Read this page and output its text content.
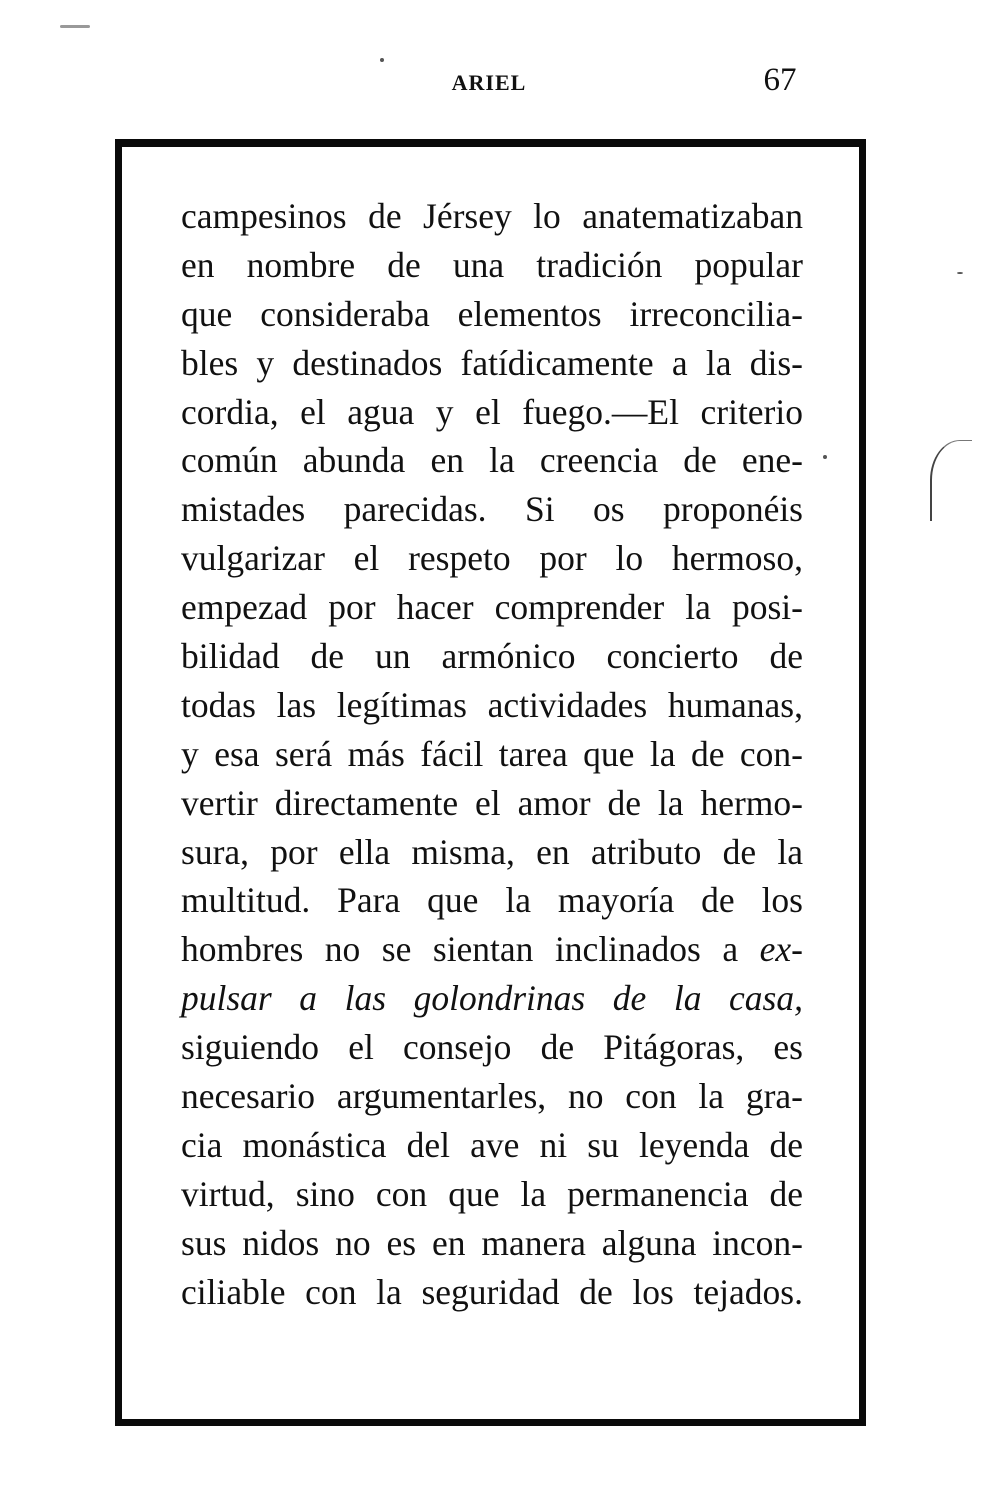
ARIEL	67
campesinos de Jérsey lo anatematizaban
en nombre de una tradición popular
que consideraba elementos irreconcilia-
bles y destinados fatídicamente a la dis-
cordia, el agua y el fuego.—El criterio
común abunda en la creencia de ene-
mistades parecidas. Si os proponéis
vulgarizar el respeto por lo hermoso,
empezad por hacer comprender la posi-
bilidad de un armónico concierto de
todas las legítimas actividades humanas,
y esa será más fácil tarea que la de con-
vertir directamente el amor de la hermo-
sura, por ella misma, en atributo de la
multitud. Para que la mayoría de los
hombres no se sientan inclinados a ex-
pulsar a las golondrinas de la casa,
siguiendo el consejo de Pitágoras, es
necesario argumentarles, no con la gra-
cia monástica del ave ni su leyenda de
virtud, sino con que la permanencia de
sus nidos no es en manera alguna incon-
ciliable con la seguridad de los tejados.
